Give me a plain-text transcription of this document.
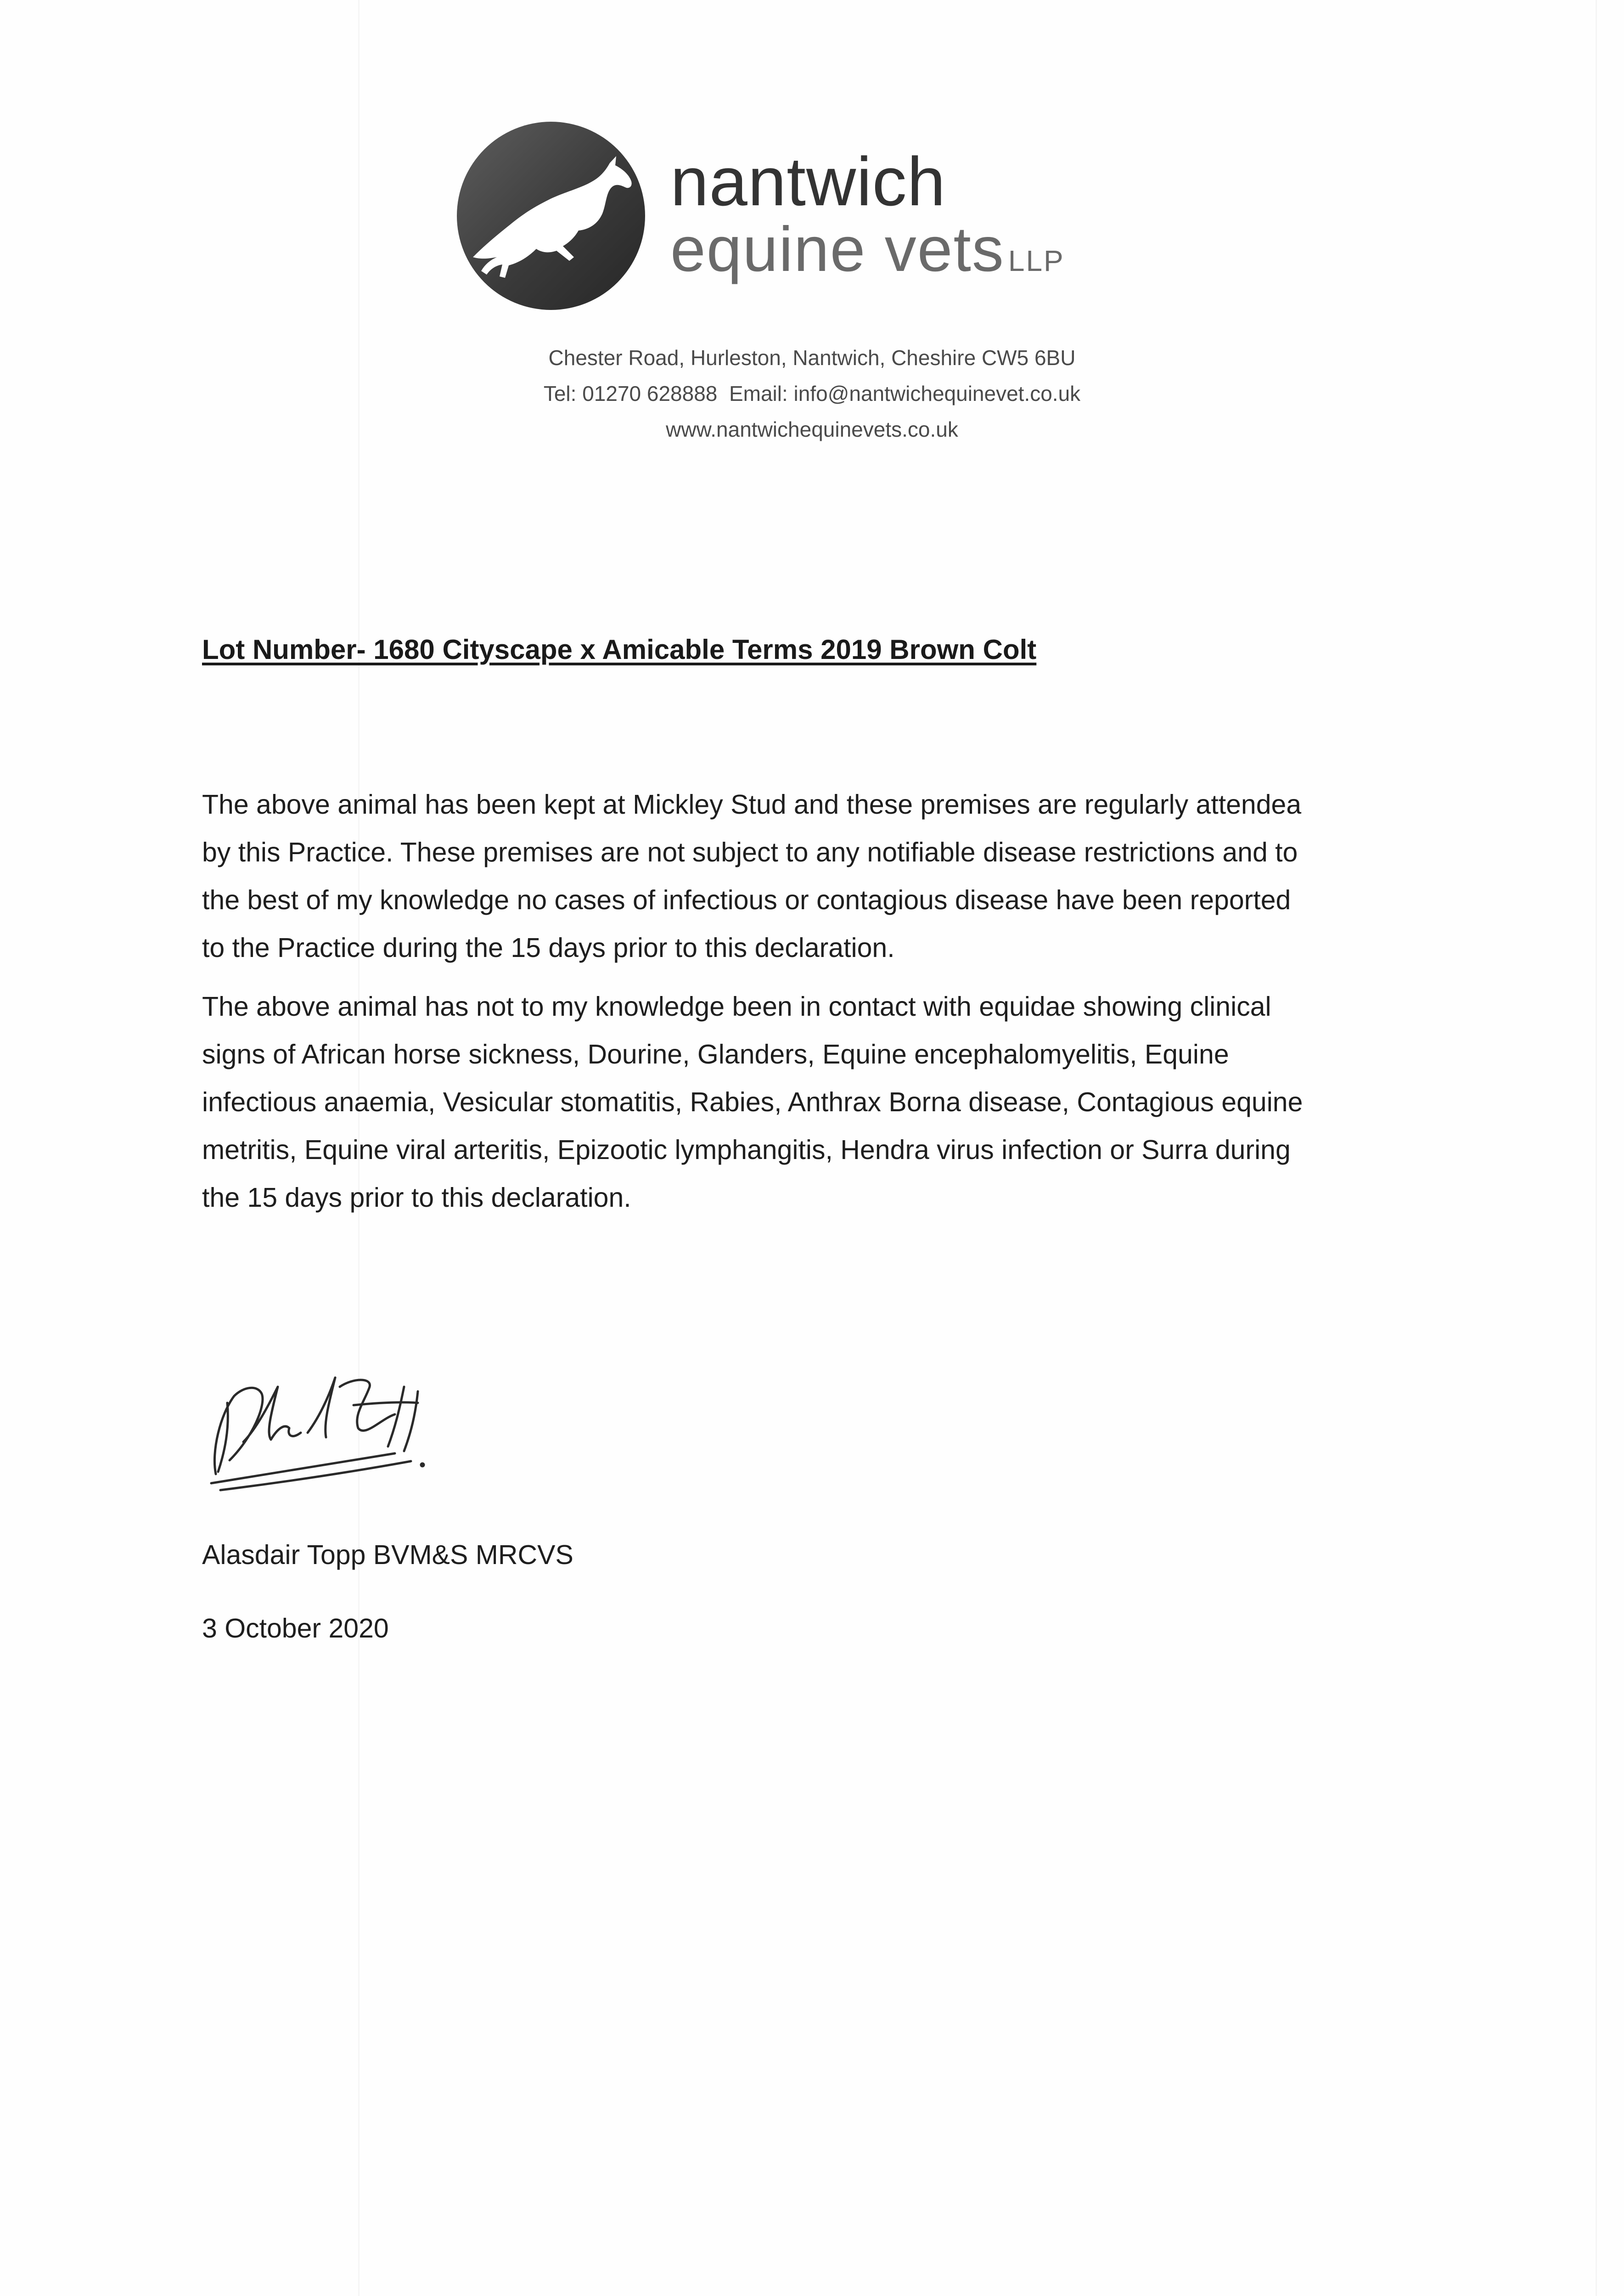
nantwich
equine vets LLP
Chester Road, Hurleston, Nantwich, Cheshire CW5 6BU
Tel: 01270 628888  Email: info@nantwichequinevet.co.uk
www.nantwichequinevets.co.uk
Lot Number- 1680 Cityscape x Amicable Terms 2019 Brown Colt

The above animal has been kept at Mickley Stud and these premises are regularly attendea
by this Practice. These premises are not subject to any notifiable disease restrictions and to
the best of my knowledge no cases of infectious or contagious disease have been reported
to the Practice during the 15 days prior to this declaration.

The above animal has not to my knowledge been in contact with equidae showing clinical
signs of African horse sickness, Dourine, Glanders, Equine encephalomyelitis, Equine
infectious anaemia, Vesicular stomatitis, Rabies, Anthrax Borna disease, Contagious equine
metritis, Equine viral arteritis, Epizootic lymphangitis, Hendra virus infection or Surra during
the 15 days prior to this declaration.

Alasdair Topp BVM&S MRCVS
3 October 2020
